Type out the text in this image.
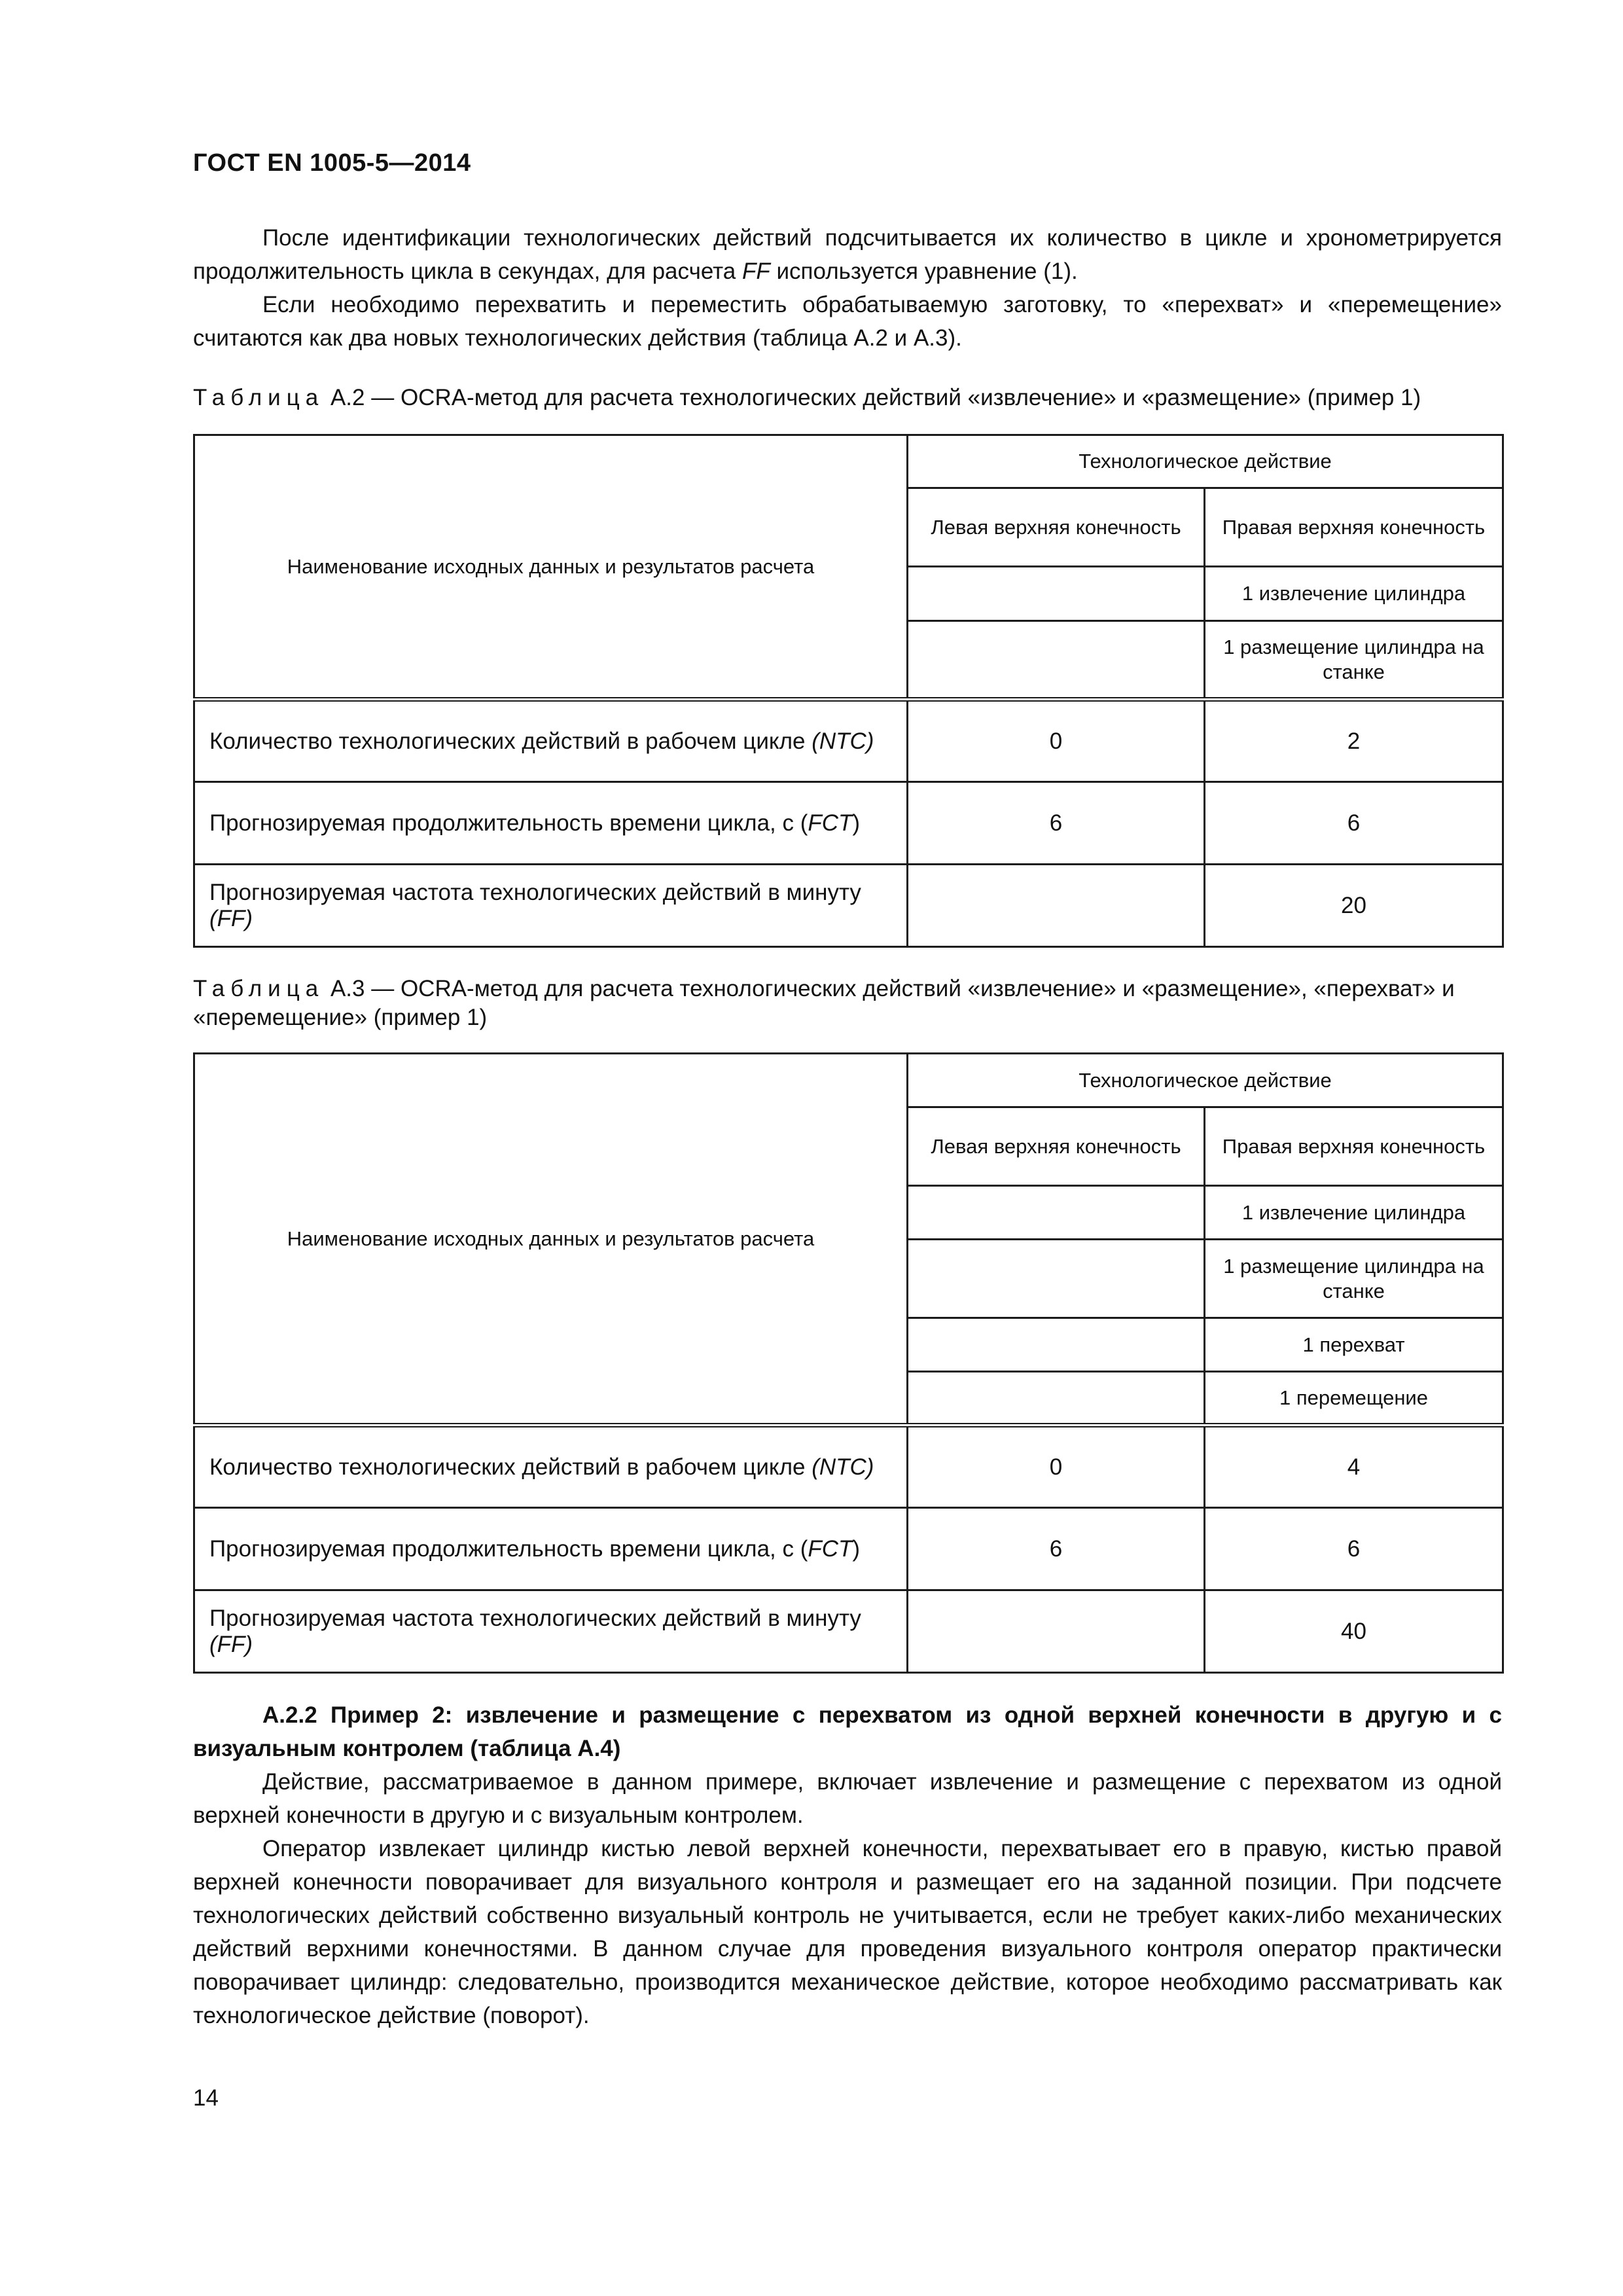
ГОСТ EN 1005-5—2014

После идентификации технологических действий подсчитывается их количество в цикле и хронометрируется продолжительность цикла в секундах, для расчета FF используется уравнение (1).

Если необходимо перехватить и переместить обрабатываемую заготовку, то «перехват» и «перемещение» считаются как два новых технологических действия (таблица А.2 и А.3).

Таблица А.2 — OCRA-метод для расчета технологических действий «извлечение» и «размещение» (пример 1)

Наименование исходных данных и результатов расчета	Технологическое действие	
	Левая верхняя конечность	Правая верхняя конечность
		1 извлечение цилиндра
		1 размещение цилиндра на станке
Количество технологических действий в рабочем цикле (NTC)	0	2
Прогнозируемая продолжительность времени цикла, с (FCT)	6	6
Прогнозируемая частота технологических действий в минуту (FF)		20

Таблица А.3 — OCRA-метод для расчета технологических действий «извлечение» и «размещение», «перехват» и «перемещение» (пример 1)

Наименование исходных данных и результатов расчета	Технологическое действие	
	Левая верхняя конечность	Правая верхняя конечность
		1 извлечение цилиндра
		1 размещение цилиндра на станке
		1 перехват
		1 перемещение
Количество технологических действий в рабочем цикле (NTC)	0	4
Прогнозируемая продолжительность времени цикла, с (FCT)	6	6
Прогнозируемая частота технологических действий в минуту (FF)		40

А.2.2 Пример 2: извлечение и размещение с перехватом из одной верхней конечности в другую и с визуальным контролем (таблица А.4)

Действие, рассматриваемое в данном примере, включает извлечение и размещение с перехватом из одной верхней конечности в другую и с визуальным контролем.

Оператор извлекает цилиндр кистью левой верхней конечности, перехватывает его в правую, кистью правой верхней конечности поворачивает для визуального контроля и размещает его на заданной позиции. При подсчете технологических действий собственно визуальный контроль не учитывается, если не требует каких-либо механических действий верхними конечностями. В данном случае для проведения визуального контроля оператор практически поворачивает цилиндр: следовательно, производится механическое действие, которое необходимо рассматривать как технологическое действие (поворот).

14
